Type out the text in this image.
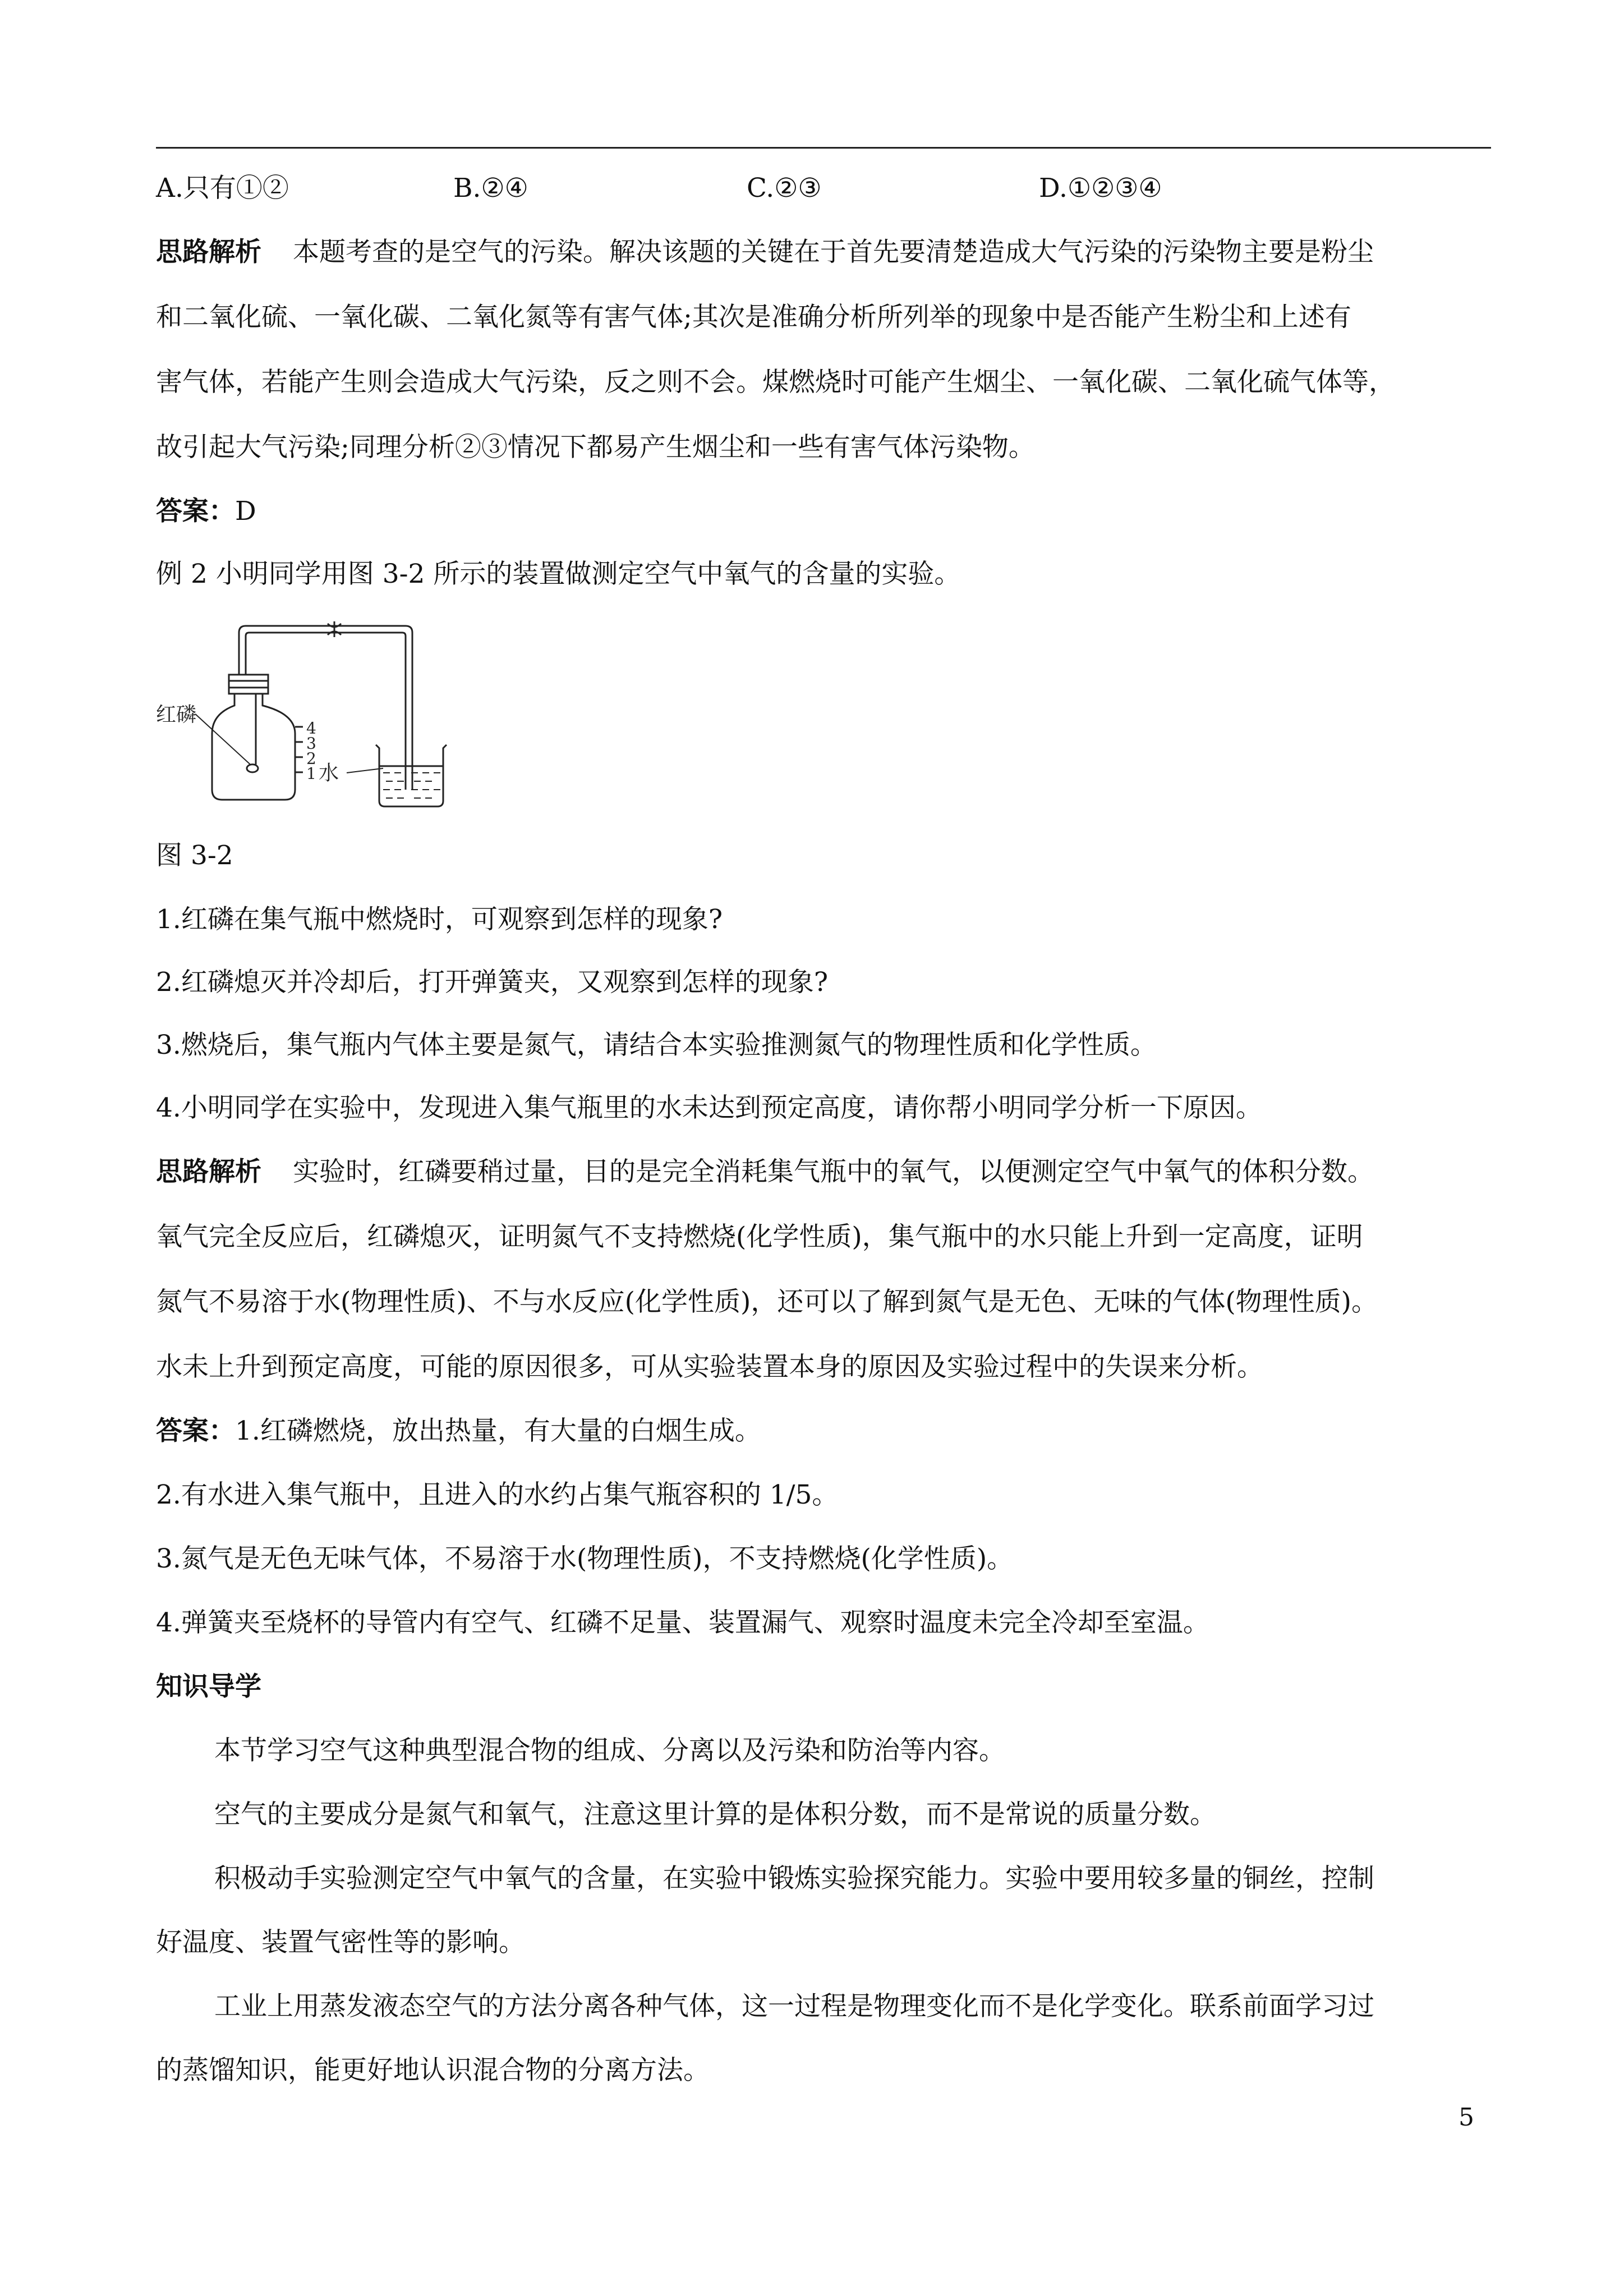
A.只有①②	B.②④	C.②③	D.①②③④
思路解析 本题考查的是空气的污染。解决该题的关键在于首先要清楚造成大气污染的污染物主要是粉尘
和二氧化硫、一氧化碳、二氧化氮等有害气体;其次是准确分析所列举的现象中是否能产生粉尘和上述有
害气体，若能产生则会造成大气污染，反之则不会。煤燃烧时可能产生烟尘、一氧化碳、二氧化硫气体等，
故引起大气污染;同理分析②③情况下都易产生烟尘和一些有害气体污染物。
答案：D
例 2 小明同学用图 3-2 所示的装置做测定空气中氧气的含量的实验。
红磷
水
4
3
2
1
图 3-2
1.红磷在集气瓶中燃烧时，可观察到怎样的现象?
2.红磷熄灭并冷却后，打开弹簧夹，又观察到怎样的现象?
3.燃烧后，集气瓶内气体主要是氮气，请结合本实验推测氮气的物理性质和化学性质。
4.小明同学在实验中，发现进入集气瓶里的水未达到预定高度，请你帮小明同学分析一下原因。
思路解析 实验时，红磷要稍过量，目的是完全消耗集气瓶中的氧气，以便测定空气中氧气的体积分数。
氧气完全反应后，红磷熄灭，证明氮气不支持燃烧(化学性质)，集气瓶中的水只能上升到一定高度，证明
氮气不易溶于水(物理性质)、不与水反应(化学性质)，还可以了解到氮气是无色、无味的气体(物理性质)。
水未上升到预定高度，可能的原因很多，可从实验装置本身的原因及实验过程中的失误来分析。
答案：1.红磷燃烧，放出热量，有大量的白烟生成。
2.有水进入集气瓶中，且进入的水约占集气瓶容积的 1/5。
3.氮气是无色无味气体，不易溶于水(物理性质)，不支持燃烧(化学性质)。
4.弹簧夹至烧杯的导管内有空气、红磷不足量、装置漏气、观察时温度未完全冷却至室温。
知识导学
本节学习空气这种典型混合物的组成、分离以及污染和防治等内容。
空气的主要成分是氮气和氧气，注意这里计算的是体积分数，而不是常说的质量分数。
积极动手实验测定空气中氧气的含量，在实验中锻炼实验探究能力。实验中要用较多量的铜丝，控制
好温度、装置气密性等的影响。
工业上用蒸发液态空气的方法分离各种气体，这一过程是物理变化而不是化学变化。联系前面学习过
的蒸馏知识，能更好地认识混合物的分离方法。
5
